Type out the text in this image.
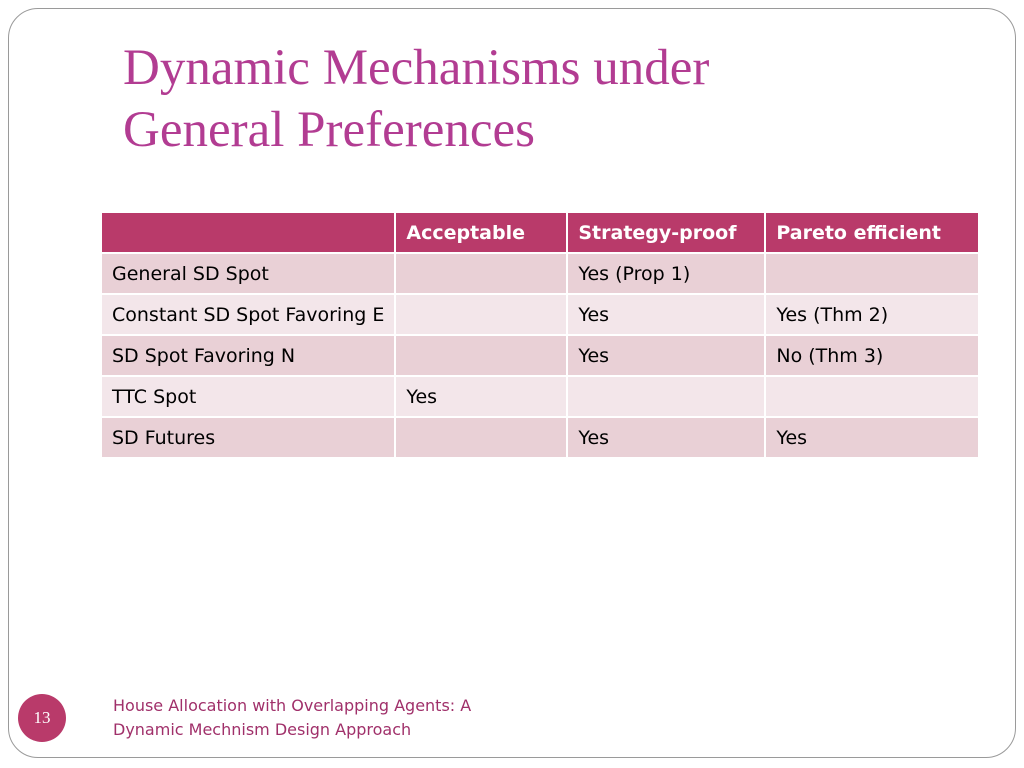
Dynamic Mechanisms under
General Preferences
	Acceptable	Strategy-proof	Pareto efficient
General SD Spot		Yes (Prop 1)	
Constant SD Spot Favoring E		Yes	Yes (Thm 2)
SD Spot Favoring N		Yes	No (Thm 3)
TTC Spot	Yes		
SD Futures		Yes	Yes
13
House Allocation with Overlapping Agents: A
Dynamic Mechnism Design Approach
